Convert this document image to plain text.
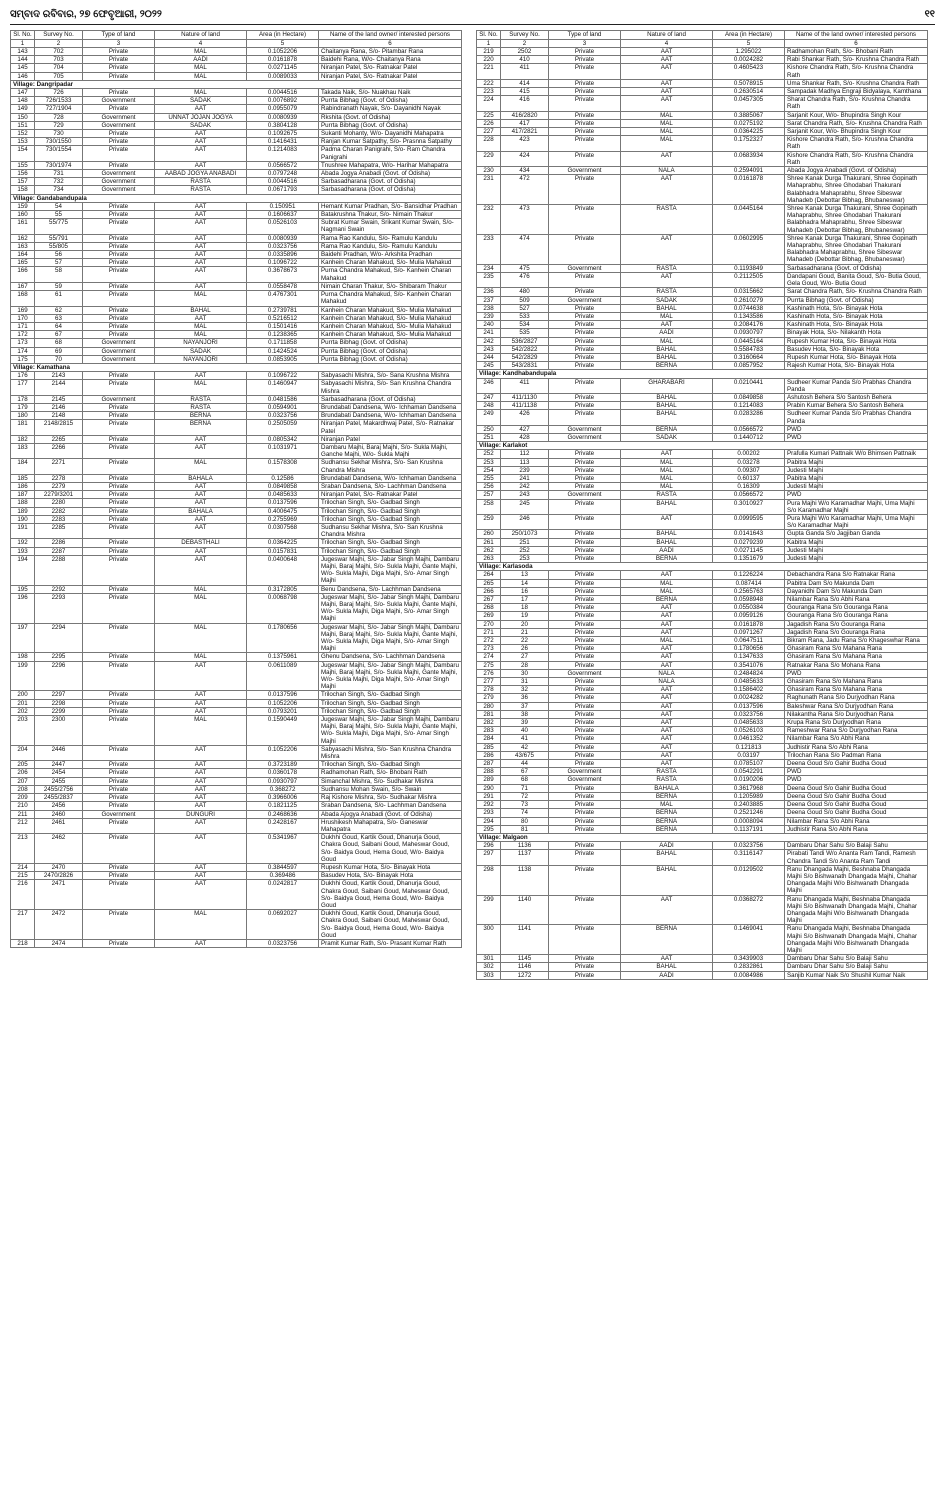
ସମ୍ବାଦ ରବିବାର, ୨୭ ଫେବୃଆରୀ, ୨୦୨୨	୧୧
Sl. No.	Survey No.	Type of land	Nature of land	Area (in Hectare)	Name of the land owner/ interested persons
1	2	3	4	5	6
143	702	Private	MAL	0.1052206	Chaitanya Rana, S/o- Pitambar Rana
144	703	Private	AADI	0.0161878	Baidehi Rana, W/o- Chaitanya Rana
145	704	Private	MAL	0.0271145	Niranjan Patel, S/o- Ratnakar Patel
146	705	Private	MAL	0.0089033	Niranjan Patel, S/o- Ratnakar Patel
Village: Dangripadar					
147	726	Private	MAL	0.0044516	Takada Naik, S/o- Nuakhau Naik
148	726/1533	Government	SADAK	0.0076892	Purrta Bibhag (Govt. of Odisha)
149	727/1904	Private	AAT	0.0955079	Rabindranath Nayak, S/o- Dayanidhi Nayak
150	728	Government	UNNAT JOJAN JOGYA	0.0080939	Rkshita (Govt. of Odisha)
151	729	Government	SADAK	0.3804128	Purrta Bibhag (Govt. of Odisha)
152	730	Private	AAT	0.1092675	Sukanti Mohanty, W/o- Dayanidhi Mahapatra
153	730/1550	Private	AAT	0.1416431	Ranjan Kumar Satpathy, S/o- Prasnna Satpathy
154	730/1554	Private	AAT	0.1214083	Padma Charan Panigrahi, S/o- Ram Chandra Panigrahi
155	730/1974	Private	AAT	0.0566572	Tnushree Mahapatra, W/o- Harihar Mahapatra
156	731	Government	AABAD JOGYA ANABADI	0.0797248	Abada Jogya Anabadi (Govt. of Odisha)
157	732	Government	RASTA	0.0044516	Sarbasadharana (Govt. of Odisha)
158	734	Government	RASTA	0.0671793	Sarbasadharana (Govt. of Odisha)
Village: Gandabandupala					
159	54	Private	AAT	0.150951	Hemant Kumar Pradhan, S/o- Bansidhar Pradhan
160	55	Private	AAT	0.1606637	Batakrushna Thakur, S/o- Nimain Thakur
161	55/775	Private	AAT	0.0526103	Subrat Kumar Swain, Srikant Kumar Swain, S/o- Nagmani Swain
162	55/791	Private	AAT	0.0080939	Rama Rao Kandulu, S/o- Ramulu Kandulu
163	55/805	Private	AAT	0.0323756	Rama Rao Kandulu, S/o- Ramulu Kandulu
164	56	Private	AAT	0.0335896	Baidehi Pradhan, W/o- Arkshita Pradhan
165	57	Private	AAT	0.1096722	Kanhein Charan Mahakud, S/o- Mulia Mahakud
166	58	Private	AAT	0.3678673	Purna Chandra Mahakud, S/o- Kanhein Charan Mahakud
167	59	Private	AAT	0.0558478	Nimain Charan Thakur, S/o- Shibaram Thakur
168	61	Private	MAL	0.4767301	Purna Chandra Mahakud, S/o- Kanhein Charan Mahakud
169	62	Private	BAHAL	0.2739781	Kanhein Charan Mahakud, S/o- Mulia Mahakud
170	63	Private	AAT	0.5216512	Kanhein Charan Mahakud, S/o- Mulia Mahakud
171	64	Private	MAL	0.1501416	Kanhein Charan Mahakud, S/o- Mulia Mahakud
172	67	Private	MAL	0.1238365	Kanhein Charan Mahakud, S/o- Mulia Mahakud
173	68	Government	NAYANJORI	0.1711858	Purrta Bibhag (Govt. of Odisha)
174	69	Government	SADAK	0.1424524	Purrta Bibhag (Govt. of Odisha)
175	70	Government	NAYANJORI	0.0853905	Purrta Bibhag (Govt. of Odisha)
Village: Kamathana					
176	2143	Private	AAT	0.1096722	Sabyasachi Mishra, S/o- Sana Krushna Mishra
177	2144	Private	MAL	0.1460947	Sabyasachi Mishra, S/o- San Krushna Chandra Mishra
178	2145	Government	RASTA	0.0481586	Sarbasadharana (Govt. of Odisha)
179	2146	Private	RASTA	0.0594901	Brundabati Dandsena, W/o- Ichhaman Dandsena
180	2148	Private	BERNA	0.0323756	Brundabati Dandsena, W/o- Ichhaman Dandsena
181	2148/2815	Private	BERNA	0.2505059	Niranjan Patel, Makardhwaj Patel, S/o- Ratnakar Patel
182	2265	Private	AAT	0.0805342	Niranjan Patel
183	2266	Private	AAT	0.1031971	Dambaru Majhi, Baraj Majhi, S/o- Sukla Majhi, Ganche Majhi, W/o- Sukla Majhi
184	2271	Private	MAL	0.1578308	Sudhansu Sekhar Mishra, S/o- San Krushna Chandra Mishra
185	2278	Private	BAHALA	0.12586	Brundabati Dandsena, W/o- Ichhaman Dandsena
186	2279	Private	AAT	0.0849858	Sraban Dandsena, S/o- Lachhman Dandsena
187	2279/3201	Private	AAT	0.0485633	Niranjan Patel, S/o- Ratnakar Patel
188	2280	Private	AAT	0.0137596	Trilochan Singh, S/o- Gadbad Singh
189	2282	Private	BAHALA	0.4006475	Trilochan Singh, S/o- Gadbad Singh
190	2283	Private	AAT	0.2755969	Trilochan Singh, S/o- Gadbad Singh
191	2285	Private	AAT	0.0307568	Sudhansu Sekhar Mishra, S/o- San Krushna Chandra Mishra
192	2286	Private	DEBASTHALI	0.0364225	Trilochan Singh, S/o- Gadbad Singh
193	2287	Private	AAT	0.0157831	Trilochan Singh, S/o- Gadbad Singh
194	2288	Private	AAT	0.0400648	Jugeswar Majhi, S/o- Jabar Singh Majhi, Dambaru Majhi, Baraj Majhi, S/o- Sukla Majhi, Gante Majhi, W/o- Sukla Majhi, Diga Majhi, S/o- Amar Singh Majhi
195	2292	Private	MAL	0.3172805	Benu Dandsena, S/o- Lachhman Dandsena
196	2293	Private	MAL	0.0068798	Jugeswar Majhi, S/o- Jabar Singh Majhi, Dambaru Majhi, Baraj Majhi, S/o- Sukla Majhi, Gante Majhi, W/o- Sukla Majhi, Diga Majhi, S/o- Amar Singh Majhi
197	2294	Private	MAL	0.1780656	Jugeswar Majhi, S/o- Jabar Singh Majhi, Dambaru Majhi, Baraj Majhi, S/o- Sukla Majhi, Gante Majhi, W/o- Sukla Majhi, Diga Majhi, S/o- Amar Singh Majhi
198	2295	Private	MAL	0.1375961	Ghenu Dandsena, S/o- Lachhman Dandsena
199	2296	Private	AAT	0.0611089	Jugeswar Majhi, S/o- Jabar Singh Majhi, Dambaru Majhi, Baraj Majhi, S/o- Sukla Majhi, Gante Majhi, W/o- Sukla Majhi, Diga Majhi, S/o- Amar Singh Majhi
200	2297	Private	AAT	0.0137596	Trilochan Singh, S/o- Gadbad Singh
201	2298	Private	AAT	0.1052206	Trilochan Singh, S/o- Gadbad Singh
202	2299	Private	AAT	0.0793201	Trilochan Singh, S/o- Gadbad Singh
203	2300	Private	MAL	0.1590449	Jugeswar Majhi, S/o- Jabar Singh Majhi, Dambaru Majhi, Baraj Majhi, S/o- Sukla Majhi, Gante Majhi, W/o- Sukla Majhi, Diga Majhi, S/o- Amar Singh Majhi
204	2446	Private	AAT	0.1052206	Sabyasachi Mishra, S/o- San Krushna Chandra Mishra
205	2447	Private	AAT	0.3723189	Trilochan Singh, S/o- Gadbad Singh
206	2454	Private	AAT	0.0360178	Radhamohan Rath, S/o- Bhobani Rath
207	2455	Private	AAT	0.0930797	Simanchal Mishra, S/o- Sudhakar Mishra
208	2455/2756	Private	AAT	0.368272	Sudhansu Mohan Swain, S/o- Swain
209	2455/2837	Private	AAT	0.3966006	Raj Kishore Mishra, S/o- Sudhakar Mishra
210	2456	Private	AAT	0.1821125	Sraban Dandsena, S/o- Lachhman Dandsena
211	2460	Government	DUNGURI	0.2468636	Abada Ajogya Anabadi (Govt. of Odisha)
212	2461	Private	AAT	0.2428167	Hrushikesh Mahapatra, S/o- Ganeswar Mahapatra
213	2462	Private	AAT	0.5341967	Dukhhi Goud, Kartik Goud, Dhanurja Goud, Chakra Goud, Saibani Goud, Maheswar Goud, S/o- Baidya Goud, Hema Goud, W/o- Baidya Goud
214	2470	Private	AAT	0.3844597	Rupesh Kumar Hota, S/o- Binayak Hota
215	2470/2826	Private	AAT	0.369486	Basudev Hota, S/o- Binayak Hota
216	2471	Private	AAT	0.0242817	Dukhhi Goud, Kartik Goud, Dhanurja Goud, Chakra Goud, Saibani Goud, Maheswar Goud, S/o- Baidya Goud, Hema Goud, W/o- Baidya Goud
217	2472	Private	MAL	0.0692027	Dukhhi Goud, Kartik Goud, Dhanurja Goud, Chakra Goud, Saibani Goud, Maheswar Goud, S/o- Baidya Goud, Hema Goud, W/o- Baidya Goud
218	2474	Private	AAT	0.0323756	Pramit Kumar Rath, S/o- Prasant Kumar Rath
Sl. No.	Survey No.	Type of land	Nature of land	Area (in Hectare)	Name of the land owner/ interested persons
1	2	3	4	5	6
219	2502	Private	AAT	1.295022	Radhamohan Rath, S/o- Bhobani Rath
220	410	Private	AAT	0.0024282	Rabi Shankar Rath, S/o- Krushna Chandra Rath
221	411	Private	AAT	0.4605423	Kishore Chandra Rath, S/o- Krushna Chandra Rath
222	414	Private	AAT	0.5078915	Uma Shankar Rath, S/o- Krushna Chandra Rath
223	415	Private	AAT	0.2630514	Sampadak Madhya Engraji Bidyalaya, Kamthana
224	416	Private	AAT	0.0457305	Sharat Chandra Rath, S/o- Krushna Chandra Rath
225	416/2820	Private	MAL	0.3885067	Sarjanit Kour, W/o- Bhupindra Singh Kour
226	417	Private	MAL	0.0275192	Sarat Chandra Rath, S/o- Krushna Chandra Rath
227	417/2821	Private	MAL	0.0364225	Sarjanit Kour, W/o- Bhupindra Singh Kour
228	423	Private	MAL	0.1752327	Kishore Chandra Rath, S/o- Krushna Chandra Rath
229	424	Private	AAT	0.0683934	Kishore Chandra Rath, S/o- Krushna Chandra Rath
230	434	Government	NALA	0.2594091	Abada Jogya Anabadi (Govt. of Odisha)
231	472	Private	AAT	0.0161878	Shree Kanak Durga Thakurani, Shree Gopinath Mahaprabhu, Shree Ghodabari Thakurani Balabhadra Mahaprabhu, Shree Sibeswar Mahadeb (Debottar Bibhag, Bhubaneswar)
232	473	Private	RASTA	0.0445164	Shree Kanak Durga Thakurani, Shree Gopinath Mahaprabhu, Shree Ghodabari Thakurani Balabhadra Mahaprabhu, Shree Sibeswar Mahadeb (Debottar Bibhag, Bhubaneswar)
233	474	Private	AAT	0.0602995	Shree Kanak Durga Thakurani, Shree Gopinath Mahaprabhu, Shree Ghodabari Thakurani Balabhadra Mahaprabhu, Shree Sibeswar Mahadeb (Debottar Bibhag, Bhubaneswar)
234	475	Government	RASTA	0.1193849	Sarbasadharana (Govt. of Odisha)
235	476	Private	AAT	0.2112505	Dandapani Goud, Banita Goud, S/o- Butia Goud, Gela Goud, W/o- Butia Goud
236	480	Private	RASTA	0.0315662	Sarat Chandra Rath, S/o- Krushna Chandra Rath
237	509	Government	SADAK	0.2610279	Purrta Bibhag (Govt. of Odisha)
238	527	Private	BAHAL	0.0744638	Kashinath Hota, S/o- Binayak Hota
239	533	Private	MAL	0.1343586	Kashinath Hota, S/o- Binayak Hota
240	534	Private	AAT	0.2084176	Kashinath Hota, S/o- Binayak Hota
241	535	Private	AADI	0.0930797	Binayak Hota, S/o- Nilakanth Hota
242	536/2827	Private	MAL	0.0445164	Rupesh Kumar Hota, S/o- Binayak Hota
243	542/2822	Private	BAHAL	0.5584783	Basudev Hota, S/o- Binayak Hota
244	542/2829	Private	BAHAL	0.3160664	Rupesh Kumar Hota, S/o- Binayak Hota
245	543/2831	Private	BERNA	0.0857952	Rajesh Kumar Hota, S/o- Binayak Hota
Village: Kandhabandupala					
246	411	Private	GHARABARI	0.0210441	Sudheer Kumar Panda S/o Prabhas Chandra Panda
247	411/1130	Private	BAHAL	0.0849858	Ashutosh Behera S/o Santosh Behera
248	411/1138	Private	BAHAL	0.1214083	Prabin Kumar Behera S/o Santosh Behera
249	426	Private	BAHAL	0.0283286	Sudheer Kumar Panda S/o Prabhas Chandra Panda
250	427	Government	BERNA	0.0566572	PWD
251	428	Government	SADAK	0.1440712	PWD
Village: Karlakot					
252	112	Private	AAT	0.00202	Prafulla Kumari Pattnaik W/o Bhimsen Pattnaik
253	113	Private	MAL	0.03278	Pabitra Majhi
254	239	Private	MAL	0.09307	Judesti Majhi
255	241	Private	MAL	0.60137	Pabitra Majhi
256	242	Private	MAL	0.16309	Judesti Majhi
257	243	Government	RASTA	0.0566572	PWD
258	245	Private	BAHAL	0.3010927	Pura Majhi W/o Karamadhar Majhi, Uma Majhi S/o Karamadhar Majhi
259	246	Private	AAT	0.0999595	Pura Majhi W/o Karamadhar Majhi, Uma Majhi S/o Karamadhar Majhi
260	250/1073	Private	BAHAL	0.0141643	Gupta Ganda S/o Jagjiban Ganda
261	251	Private	BAHAL	0.0279239	Kabitra Majhi
262	252	Private	AADI	0.0271145	Judesti Majhi
263	253	Private	BERNA	0.1351679	Judesti Majhi
Village: Karlasoda					
264	13	Private	AAT	0.1226224	Debachandra Rana S/o Ratnakar Rana
265	14	Private	MAL	0.087414	Pabitra Dam S/o Makunda Dam
266	16	Private	MAL	0.2565763	Dayanidhi Dam S/o Makunda Dam
267	17	Private	BERNA	0.0598948	Nilambar Rana S/o Abhi Rana
268	18	Private	AAT	0.0550384	Gouranga Rana S/o Gouranga Rana
269	19	Private	AAT	0.0959126	Gouranga Rana S/o Gouranga Rana
270	20	Private	AAT	0.0161878	Jagadish Rana S/o Gouranga Rana
271	21	Private	AAT	0.0971267	Jagadish Rana S/o Gouranga Rana
272	22	Private	MAL	0.0647511	Bikram Rana, Jadu Rana S/o Khageswhar Rana
273	26	Private	AAT	0.1780656	Ghasiram Rana S/o Mahana Rana
274	27	Private	AAT	0.1347633	Ghasiram Rana S/o Mahana Rana
275	28	Private	AAT	0.3541076	Ratnakar Rana S/o Mohana Rana
276	30	Government	NALA	0.2484824	PWD
277	31	Private	NALA	0.0485633	Ghasiram Rana S/o Mahana Rana
278	32	Private	AAT	0.1586402	Ghasiram Rana S/o Mahana Rana
279	36	Private	AAT	0.0024282	Raghunath Rana S/o Durjyodhan Rana
280	37	Private	AAT	0.0137596	Baleshwar Rana S/o Durjyodhan Rana
281	38	Private	AAT	0.0323756	Nilakantha Rana S/o Durjyodhan Rana
282	39	Private	AAT	0.0485633	Krupa Rana S/o Durjyodhan Rana
283	40	Private	AAT	0.0526103	Rameshwar Rana S/o Durjyodhan Rana
284	41	Private	AAT	0.0461352	Nilambar Rana S/o Abhi Rana
285	42	Private	AAT	0.121813	Judhistir Rana S/o Abhi Rana
286	43/675	Private	AAT	0.03197	Trilochan Rana S/o Padman Rana
287	44	Private	AAT	0.0785107	Deena Goud S/o Gahir Budha Goud
288	67	Government	RASTA	0.0542291	PWD
289	68	Government	RASTA	0.0190206	PWD
290	71	Private	BAHALA	0.3617968	Deena Goud S/o Gahir Budha Goud
291	72	Private	BERNA	0.1205989	Deena Goud S/o Gahir Budha Goud
292	73	Private	MAL	0.2403885	Deena Goud S/o Gahir Budha Goud
293	74	Private	BERNA	0.2521246	Deena Goud S/o Gahir Budha Goud
294	80	Private	BERNA	0.0008094	Nilambar Rana S/o Abhi Rana
295	81	Private	BERNA	0.1137191	Judhistir Rana S/o Abhi Rana
Village: Malgaon					
296	1136	Private	AADI	0.0323756	Dambaru Dhar Sahu S/o Balaji Sahu
297	1137	Private	BAHAL	0.3116147	Pirabati Tandi W/o Ananta Ram Tandi, Ramesh Chandra Tandi S/o Ananta Ram Tandi
298	1138	Private	BAHAL	0.0129502	Ranu Dhangada Majhi, Beshnaba Dhangada Majhi S/o Bishwanath Dhangada Majhi, Chahar Dhangada Majhi W/o Bishwanath Dhangada Majhi
299	1140	Private	AAT	0.0368272	Ranu Dhangada Majhi, Beshnaba Dhangada Majhi S/o Bishwanath Dhangada Majhi, Chahar Dhangada Majhi W/o Bishwanath Dhangada Majhi
300	1141	Private	BERNA	0.1469041	Ranu Dhangada Majhi, Beshnaba Dhangada Majhi S/o Bishwanath Dhangada Majhi, Chahar Dhangada Majhi W/o Bishwanath Dhangada Majhi
301	1145	Private	AAT	0.3439903	Dambaru Dhar Sahu S/o Balaji Sahu
302	1146	Private	BAHAL	0.2832861	Dambaru Dhar Sahu S/o Balaji Sahu
303	1272	Private	AADI	0.0084986	Sanjib Kumar Naik S/o Shushil Kumar Naik
